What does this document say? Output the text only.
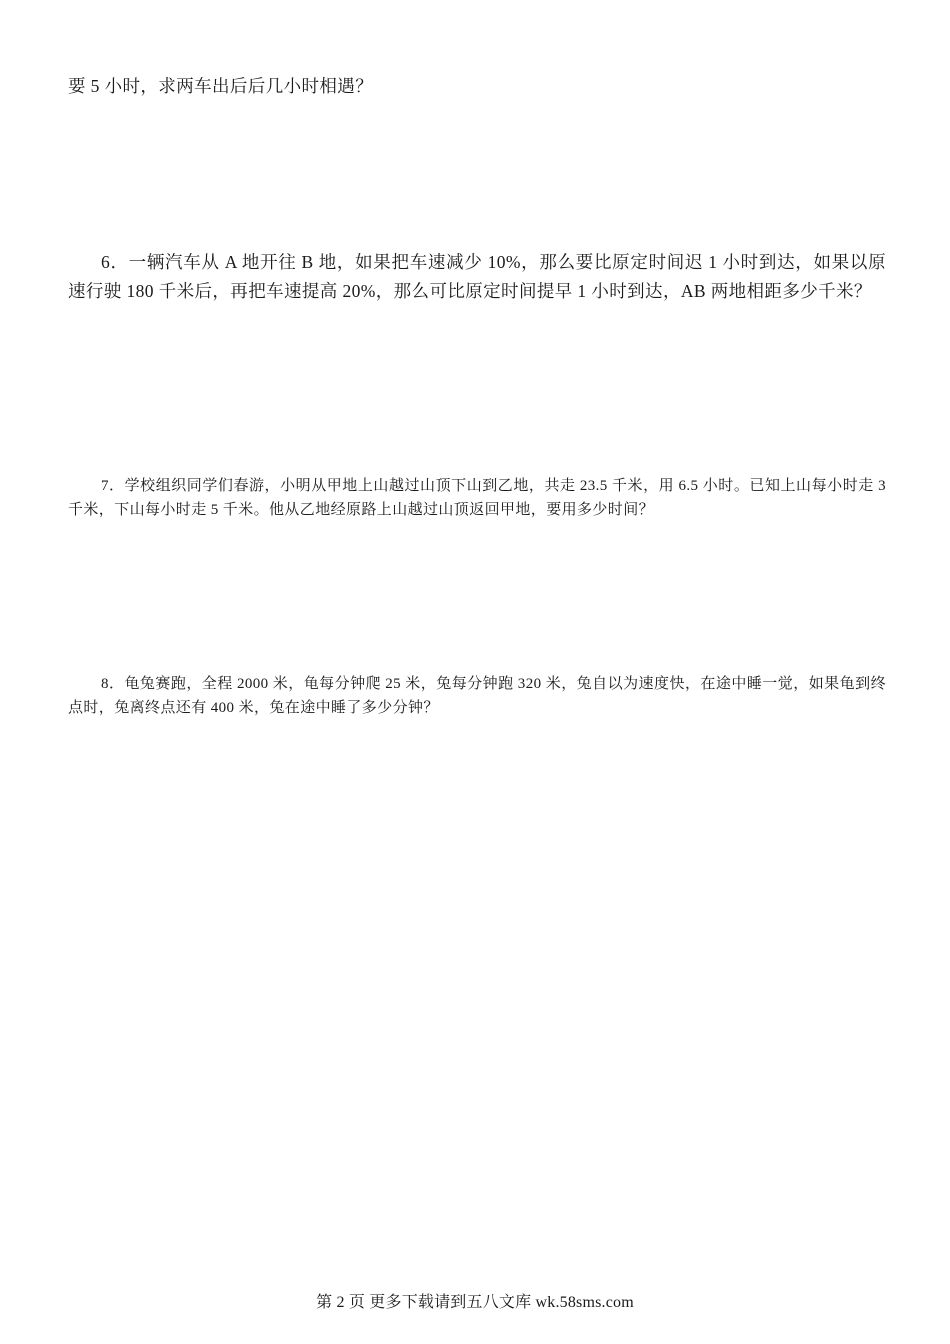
要 5 小时，求两车出后后几小时相遇？

6．一辆汽车从 A 地开往 B 地，如果把车速减少 10%，那么要比原定时间迟 1 小时到达，如果以原速行驶 180 千米后，再把车速提高 20%，那么可比原定时间提早 1 小时到达，AB 两地相距多少千米？

7．学校组织同学们春游，小明从甲地上山越过山顶下山到乙地，共走 23.5 千米，用 6.5 小时。已知上山每小时走 3 千米，下山每小时走 5 千米。他从乙地经原路上山越过山顶返回甲地，要用多少时间？

8．龟兔赛跑，全程 2000 米，龟每分钟爬 25 米，兔每分钟跑 320 米，兔自以为速度快，在途中睡一觉，如果龟到终点时，兔离终点还有 400 米，兔在途中睡了多少分钟？

第 2 页 更多下载请到五八文库 wk.58sms.com
